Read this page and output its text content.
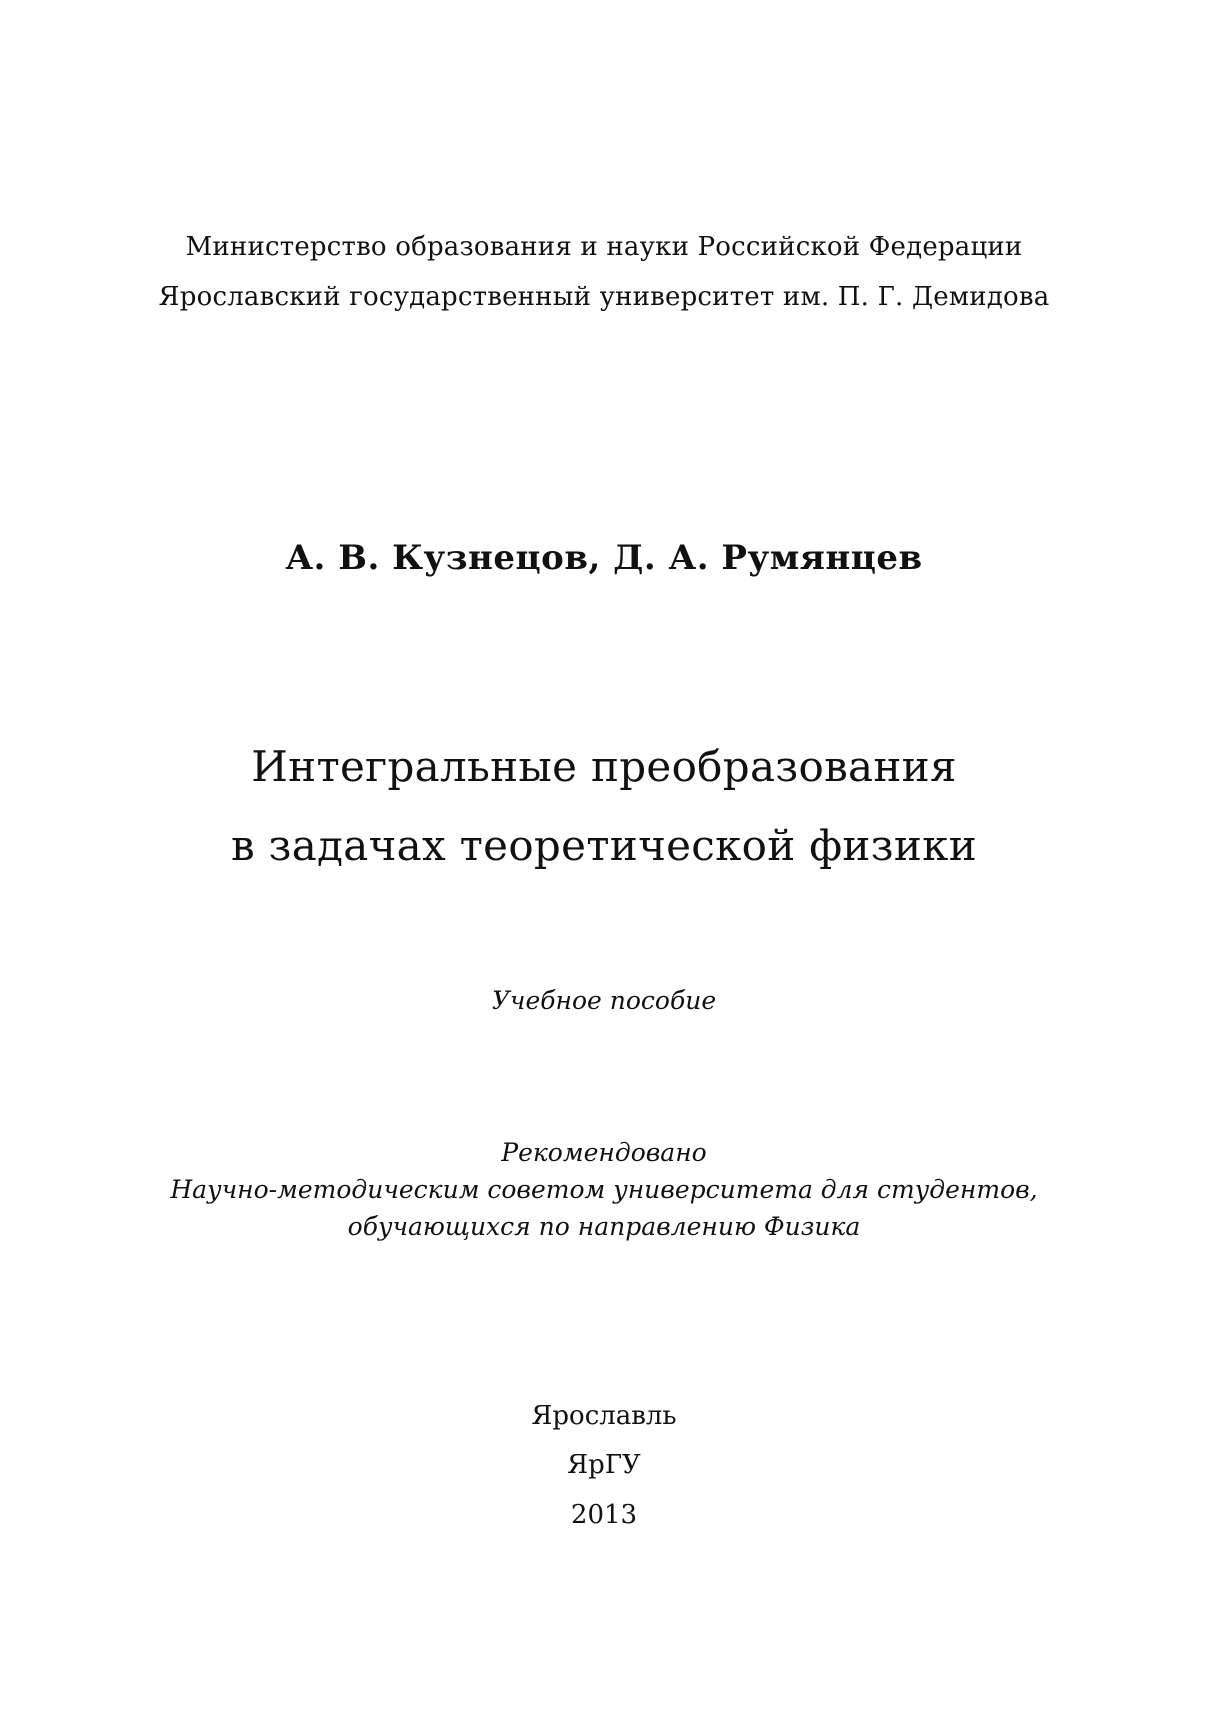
Министерство образования и науки Российской Федерации
Ярославский государственный университет им. П. Г. Демидова
А. В. Кузнецов, Д. А. Румянцев
Интегральные преобразования
в задачах теоретической физики
Учебное пособие
Рекомендовано
Научно-методическим советом университета для студентов,
обучающихся по направлению Физика
Ярославль
ЯрГУ
2013
